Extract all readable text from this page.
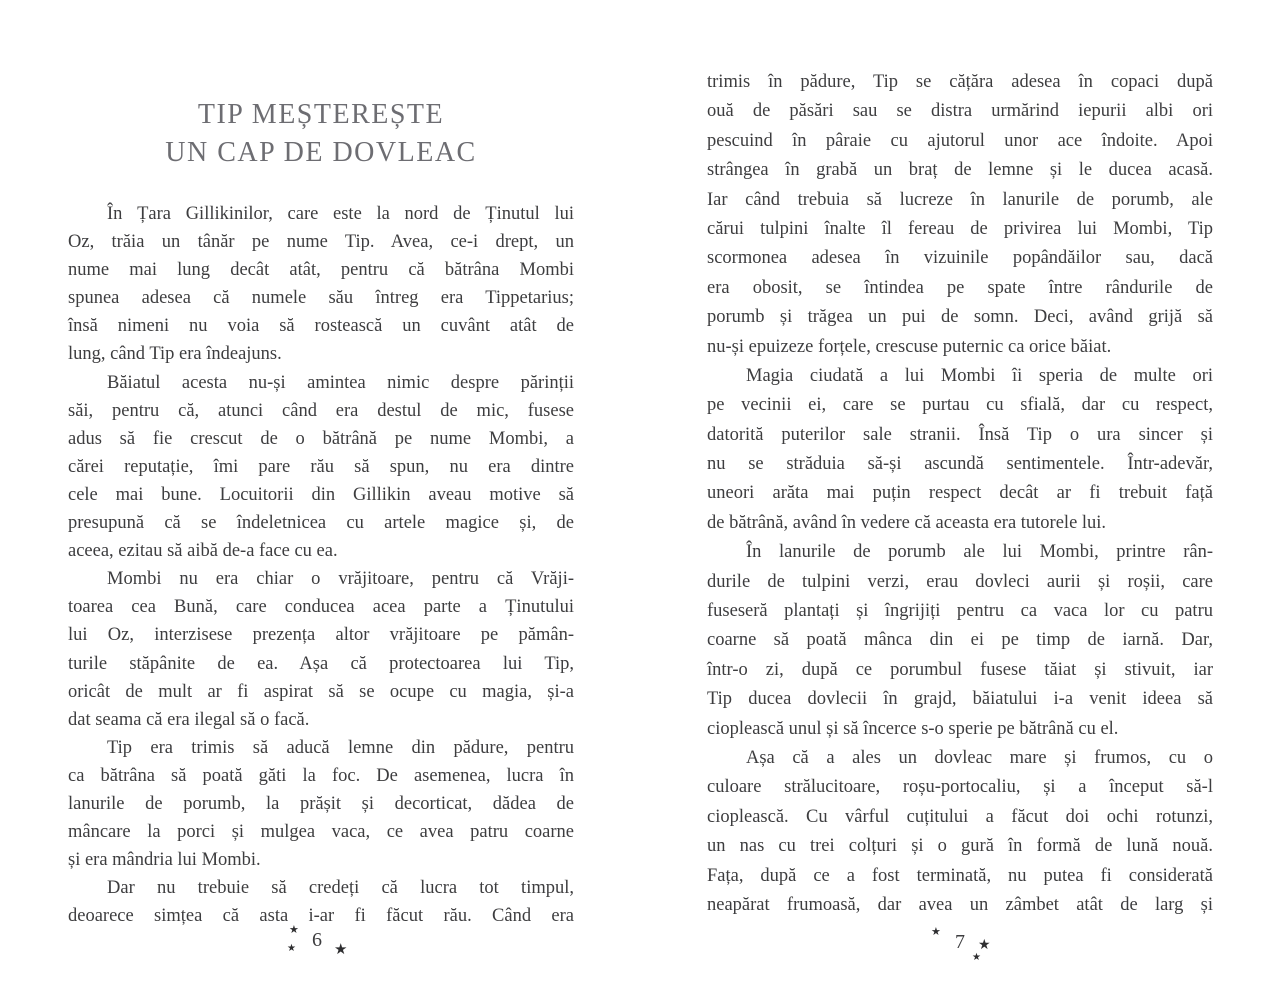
TIP MEȘTEREȘTE
UN CAP DE DOVLEAC
În Țara Gillikinilor, care este la nord de Ținutul lui
Oz, trăia un tânăr pe nume Tip. Avea, ce-i drept, un
nume mai lung decât atât, pentru că bătrâna Mombi
spunea adesea că numele său întreg era Tippetarius;
însă nimeni nu voia să rostească un cuvânt atât de
lung, când Tip era îndeajuns.
Băiatul acesta nu-și amintea nimic despre părinții
săi, pentru că, atunci când era destul de mic, fusese
adus să fie crescut de o bătrână pe nume Mombi, a
cărei reputație, îmi pare rău să spun, nu era dintre
cele mai bune. Locuitorii din Gillikin aveau motive să
presupună că se îndeletnicea cu artele magice și, de
aceea, ezitau să aibă de-a face cu ea.
Mombi nu era chiar o vrăjitoare, pentru că Vrăji-
toarea cea Bună, care conducea acea parte a Ținutului
lui Oz, interzisese prezența altor vrăjitoare pe pămân-
turile stăpânite de ea. Așa că protectoarea lui Tip,
oricât de mult ar fi aspirat să se ocupe cu magia, și-a
dat seama că era ilegal să o facă.
Tip era trimis să aducă lemne din pădure, pentru
ca bătrâna să poată găti la foc. De asemenea, lucra în
lanurile de porumb, la prășit și decorticat, dădea de
mâncare la porci și mulgea vaca, ce avea patru coarne
și era mândria lui Mombi.
Dar nu trebuie să credeți că lucra tot timpul,
deoarece simțea că asta i-ar fi făcut rău. Când era
★
★ 6 ★
trimis în pădure, Tip se cățăra adesea în copaci după
ouă de păsări sau se distra urmărind iepurii albi ori
pescuind în pâraie cu ajutorul unor ace îndoite. Apoi
strângea în grabă un braț de lemne și le ducea acasă.
Iar când trebuia să lucreze în lanurile de porumb, ale
cărui tulpini înalte îl fereau de privirea lui Mombi, Tip
scormonea adesea în vizuinile popândăilor sau, dacă
era obosit, se întindea pe spate între rândurile de
porumb și trăgea un pui de somn. Deci, având grijă să
nu-și epuizeze forțele, crescuse puternic ca orice băiat.
Magia ciudată a lui Mombi îi speria de multe ori
pe vecinii ei, care se purtau cu sfială, dar cu respect,
datorită puterilor sale stranii. Însă Tip o ura sincer și
nu se străduia să-și ascundă sentimentele. Într-adevăr,
uneori arăta mai puțin respect decât ar fi trebuit față
de bătrână, având în vedere că aceasta era tutorele lui.
În lanurile de porumb ale lui Mombi, printre rân-
durile de tulpini verzi, erau dovleci aurii și roșii, care
fuseseră plantați și îngrijiți pentru ca vaca lor cu patru
coarne să poată mânca din ei pe timp de iarnă. Dar,
într-o zi, după ce porumbul fusese tăiat și stivuit, iar
Tip ducea dovlecii în grajd, băiatului i-a venit ideea să
cioplească unul și să încerce s-o sperie pe bătrână cu el.
Așa că a ales un dovleac mare și frumos, cu o
culoare strălucitoare, roșu-portocaliu, și a început să-l
cioplească. Cu vârful cuțitului a făcut doi ochi rotunzi,
un nas cu trei colțuri și o gură în formă de lună nouă.
Fața, după ce a fost terminată, nu putea fi considerată
neapărat frumoasă, dar avea un zâmbet atât de larg și
★ 7 ★
★
